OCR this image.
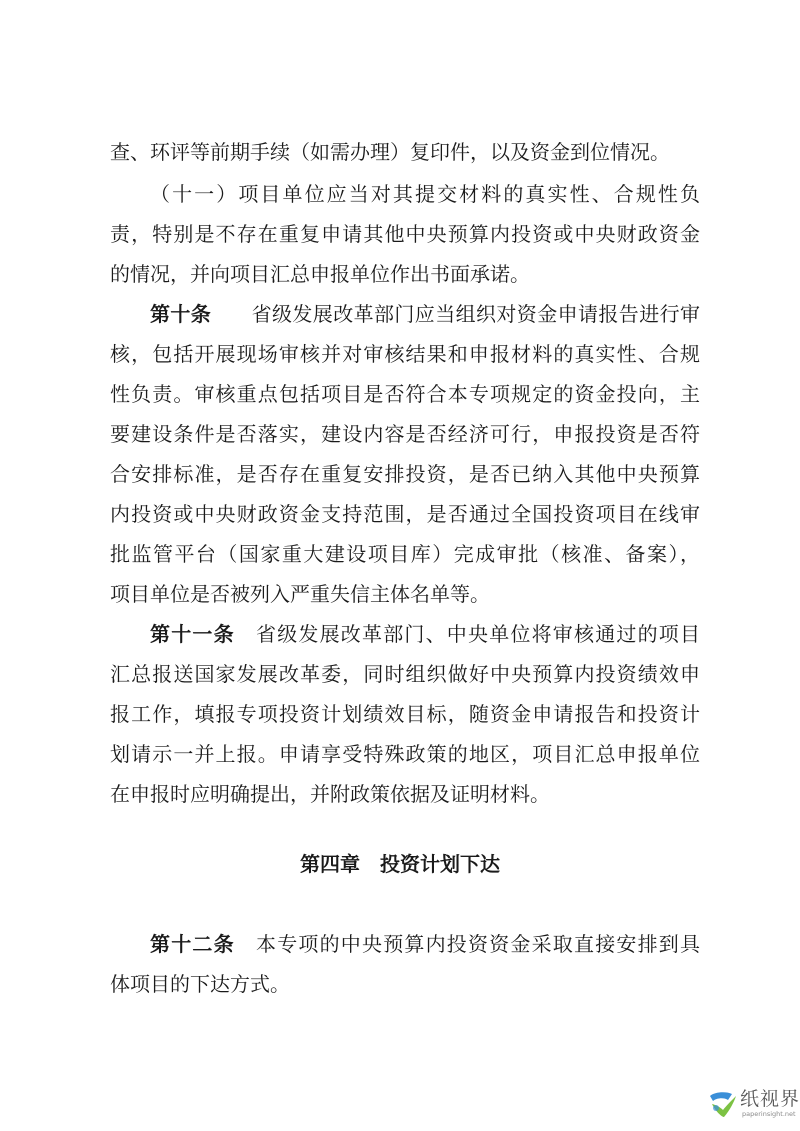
查、环评等前期手续（如需办理）复印件，以及资金到位情况。
（十一）项目单位应当对其提交材料的真实性、合规性负
责，特别是不存在重复申请其他中央预算内投资或中央财政资金
的情况，并向项目汇总申报单位作出书面承诺。
第十条   省级发展改革部门应当组织对资金申请报告进行审
核，包括开展现场审核并对审核结果和申报材料的真实性、合规
性负责。审核重点包括项目是否符合本专项规定的资金投向，主
要建设条件是否落实，建设内容是否经济可行，申报投资是否符
合安排标准，是否存在重复安排投资，是否已纳入其他中央预算
内投资或中央财政资金支持范围，是否通过全国投资项目在线审
批监管平台（国家重大建设项目库）完成审批（核准、备案），
项目单位是否被列入严重失信主体名单等。
第十一条  省级发展改革部门、中央单位将审核通过的项目
汇总报送国家发展改革委，同时组织做好中央预算内投资绩效申
报工作，填报专项投资计划绩效目标，随资金申请报告和投资计
划请示一并上报。申请享受特殊政策的地区，项目汇总申报单位
在申报时应明确提出，并附政策依据及证明材料。
第四章　投资计划下达
第十二条  本专项的中央预算内投资资金采取直接安排到具
体项目的下达方式。
纸视界
paperinsight.net
